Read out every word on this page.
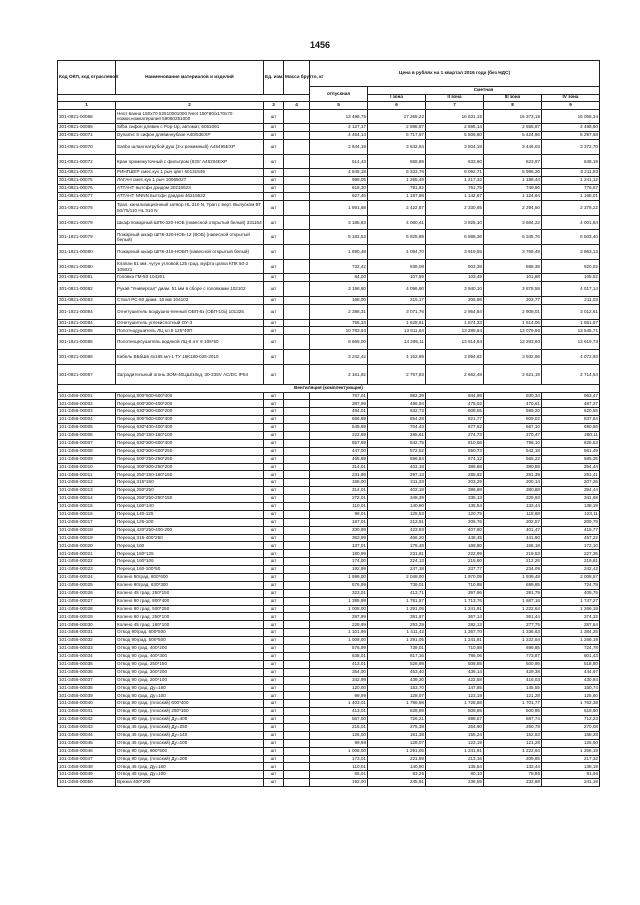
1456
Код ОКП, код отраслевой	Наименование материалов и изделий	Ед. изм.	Масса брутто, кг	Цена в рублях на 1 квартал 2016 года (без НДС)				
				отпускная	Сметная			
					I зона	II зона	III зона	IV зона
1	2	3	4	5	6	7	8	9
301-0921-00068	Неот ванна 150х70 52510001000 Neot 150*80/х170х70 ножки,ножкатерапия 59060251000	шт		13 498,75	17 265,22	16 631,15	16 373,19	16 058,34
301-0921-00069	Sifba сифон длявин с Pop-Up, автомат, 5051091	шт		2 127,17	2 698,87	2 596,14	2 555,87	2 498,80
301-0921-00071	Dynamic S сифон длявиннубазе А40/53EXP	шт		4 464,14	5 717,67	5 506,60	5 424,66	5 297,58
301-0921-00070	Sanbo шлангнатрубой душ (3-х режимный) A45495EXP	шт		2 844,19	3 642,64	3 504,18	3 446,03	3 372,70
301-0921-00072	Кран промежуточный с фильтром (83S' А45204ЕХР	шт		514,43	658,88	633,60	623,97	648,19
301-0921-00073	РИНГШЕР смес.кух 1 рыч цвет 60131549	шт		4 845,18	6 333,78	6 092,71	5 996,20	6 211,93
301-0921-00075	ЛАГАН смес.кух 1 рыч 10065027	шт		998,05	1 265,49	1 217,32	1 198,44	1 241,12
301-0921-00076	АТТАНТ вытсфн дзидом 20215523	шт		618,30	791,92	761,75	749,96	776,67
301-0921-00077	АТТАНТ NNNN вытсфн дзидом 46215522	шт		927,45	1 187,88	1 142,67	1 124,94	1 165,01
301-0921-00078	Трап. канализационный затвор HL 310 N, Трап с верт. Выпуском ВТ 50/75/110 HL 310 N	шт		1 891,68	2 422,87	2 330,65	2 294,50	2 376,22
301-0921-00079	Шкаф пожарный ШПК-320-НОБ (навесной открытый белый) 331154	шт		3 185,83	4 080,41	3 925,10	3 864,22	4 001,84
301-1921-00079	Пожарный шкаф ШПК-320-НОБ-12 (ВОБ) (навесной открытый белый)	шт		5 182,53	6 825,89	6 598,36	6 345,76	6 503,40
301-1921-00080	Пожарный шкаф ШПК-315-НОБП (навесной открытый белый)	шт		1 890,48	4 084,70	3 919,55	3 769,49	3 863,13
301-0921-00080	Клапан 51 мм. чугун угловой,125 град. муфта цапка КПК 50-2 105021	шт		732,42	938,08	902,38	888,38	920,02
301-0921-00081	Головка ГМ-50 104201	шт		84,00	107,59	103,49	101,88	105,52
301-0921-00082	Рукав "Универсал" диам. 51 мм в сборе с головками 102102	шт		3 198,60	4 096,90	3 940,10	3 878,58	4 017,14
301-0921-00083	Ствол РС-50 диам. 16 мм 104103	шт		168,00	215,17	206,98	203,77	211,03
301-1921-00084	Огнетушитель воздушно-пенный ОВП-8з (ОВП-10з) 101326	шт		2 398,31	3 071,76	2 954,84	2 908,01	3 012,61
301-1921-00084	Огнетушитель углекислотный ОУ-3	шт		756,33	1 628,61	1 574,33	1 514,06	1 551,67
301-1921-00085	Полотнодушитель ЛЦ кл.6 125*40П	шт		10 783,63	13 811,64	13 285,84	13 079,66	13 545,71
301-1921-00085	Полотенцесушитель водяной ЛЦ-8 нтг 8 105*50	шт		6 665,00	14 295,11	13 814,64	13 283,60	13 619,73
301-0921-00086	Кабель ВБбШв 4х185 мл-1 ТУ 16К180-025-2010	шт		3 242,42	4 152,89	3 994,82	3 932,86	4 072,93
301-0921-00087	Заградительный огонь ЗОМ-40ЦШ/10кд, 30-235V АС/DC IP54	шт		2 161,92	2 767,83	2 662,48	2 621,19	2 714,54
Вентиляция (комплектующие)								
101-2456-00001	Переход 800*500-600*400	шт		767,01	982,39	944,98	930,34	963,47
101-2456-00002	Переход 600*300-400*200	шт		387,99	496,94	478,02	470,61	487,37
101-2456-00003	Переход 630*300-500*200	шт		494,01	632,73	608,65	599,20	620,55
101-2456-00004	Переход 800*500-500*400	шт		666,99	854,28	821,77	809,02	837,84
101-2456-00005	Переход 630*400-400*400	шт		549,99	704,43	677,62	667,10	690,86
101-2456-00006	Переход 250*150-150*100	шт		222,99	285,61	274,73	270,47	280,11
101-2456-00007	Переход 630*300-600*400	шт		657,99	842,75	810,68	798,10	826,53
101-2456-00008	Переход 630*300-500*250	шт		447,00	572,52	550,73	542,18	561,49
101-2456-00009	Переход 500*250-250*250	шт		465,99	596,84	574,12	565,22	585,35
101-2456-00010	Переход 300*300-250*200	шт		314,01	402,18	386,88	380,88	394,44
101-2456-00011	Переход 250*150-150*150	шт		231,99	297,13	285,82	281,39	291,41
101-2456-00012	Переход 315*160	шт		165,00	211,33	203,29	200,14	207,26
101-2456-00013	Переход 250*250	шт		314,01	402,18	386,88	380,88	394,44
101-2456-00014	Переход 250*250-250*150	шт		272,01	348,39	335,13	329,93	341,68
101-2456-00015	Переход 160*140	шт		110,01	140,90	135,54	133,44	138,19
101-2456-00016	Переход 140-125	шт		98,01	125,53	120,75	118,88	123,11
101-2456-00017	Переход 125-100	шт		167,01	213,91	205,76	202,57	209,79
101-2456-00018	Переход 420*250-400-200	шт		330,99	423,93	407,80	401,47	415,77
101-2456-00019	Переход 315-400*250	шт		363,99	466,20	448,45	441,50	457,22
101-2456-00020	Переход 160	шт		137,01	175,48	168,80	166,18	172,10
101-2456-00021	Переход 160*125	шт		180,99	231,81	222,99	219,53	227,35
101-2456-00022	Переход 160*106	шт		174,00	224,13	215,60	212,26	219,81
101-2456-00023	Переход 160-100*50	шт		192,99	247,18	237,77	234,09	242,42
101-2456-00024	Колено 90град. 600*600	шт		1 599,00	2 048,00	1 970,05	1 939,48	2 008,57
101-2456-00025	Колено 90град. 630*300	шт		576,99	739,01	710,88	699,85	724,78
101-2456-00026	Колено 45 град. 250*150	шт		323,01	413,71	397,96	391,79	405,75
101-2456-00027	Колено 90 град. 800*400	шт		1 395,99	1 781,57	1 713,76	1 687,16	1 747,27
101-2456-00028	Колено 90 град. 500*250	шт		1 008,00	1 291,05	1 241,91	1 222,64	1 266,19
101-2456-00029	Колено 90 град. 250*100	шт		297,99	381,67	367,14	361,44	374,32
101-2456-00030	Колено 45 град. 160*100	шт		228,99	293,29	282,13	277,75	287,64
101-2456-00031	Отвод 90град. 600*500	шт		1 101,99	1 411,42	1 357,70	1 336,63	1 384,25
101-2456-00032	Отвод 90град. 500*500	шт		1 008,00	1 291,05	1 241,91	1 222,64	1 266,19
101-2456-00033	Отвод 90 град. 400*200	шт		576,99	739,01	710,88	699,85	724,78
101-2456-00034	Отвод 90 град. 400*300	шт		638,01	817,16	786,06	773,87	801,43
101-2456-00035	Отвод 90 град. 250*150	шт		413,01	528,98	508,85	500,95	518,80
101-2456-00036	Отвод 90 град. 300*200	шт		354,00	453,40	436,14	429,38	444,67
101-2456-00037	Отвод 90 град. 200*100	шт		342,99	439,30	422,58	416,03	430,84
101-2456-00038	Отвод 90 град. Ду=160	шт		120,00	153,70	147,85	145,55	150,74
101-2456-00039	Отвод 90 град. Ду=100	шт		99,99	128,07	123,19	121,28	125,60
101-2456-00040	Отвод 90 град. (плоский) 600*400	шт		1 403,01	1 796,98	1 728,58	1 701,77	1 762,38
101-2456-00041	Отвод 90 град. (плоский) 250*150	шт		413,01	528,98	508,85	500,95	518,80
101-2456-00042	Отвод 90 град. (плоский) Ду=400	шт		567,00	726,21	698,57	687,74	712,23
101-2456-00043	Отвод 45 град. (плоский) Ду=250	шт		215,01	275,38	264,90	260,79	270,08
101-2456-00044	Отвод 45 град. (плоский) Ду=140	шт		126,00	161,38	155,24	152,83	158,28
101-2456-00045	Отвод 45 град. (плоский) Ду=100	шт		99,99	128,07	123,19	121,28	125,60
101-2456-00046	Отвод 90 град. 600*500	шт		1 008,00	1 291,05	1 241,91	1 222,64	1 266,19
101-2456-00047	Отвод 90 град. (плоский) Ду=200	шт		173,01	221,59	213,16	209,85	217,32
101-2456-00048	Отвод 45 град. Ду=160	шт		110,01	140,90	135,54	133,44	138,19
101-2456-00049	Отвод 45 град. Ду=100	шт		65,01	83,26	80,10	78,85	81,66
101-2456-00050	Врезка 400*200	шт		192,00	245,91	236,55	232,88	241,18
